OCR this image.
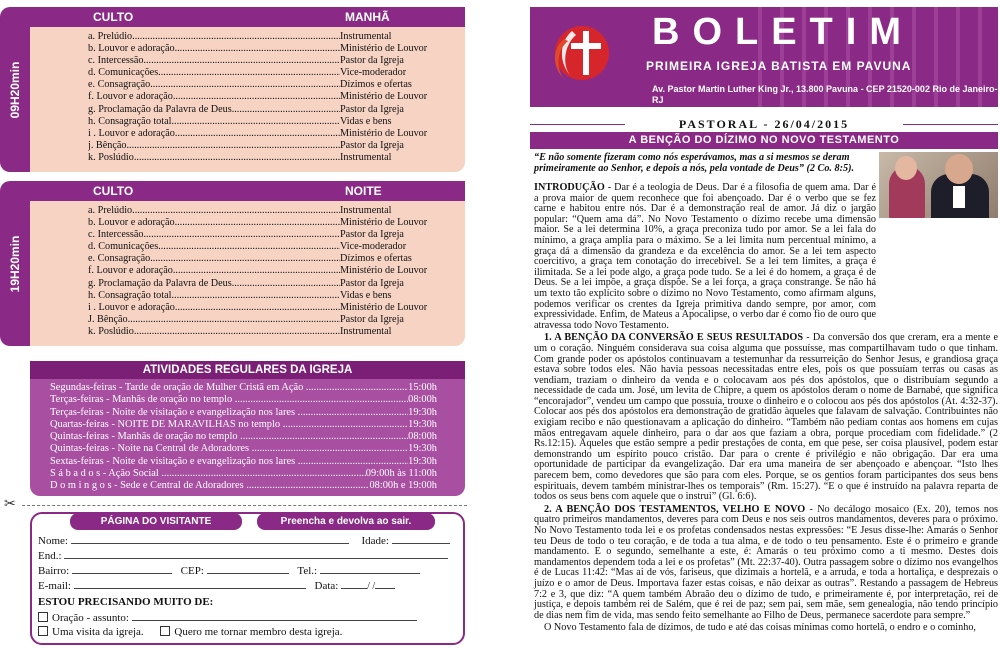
09H20min
CULTO	MANHÃ
a. Prelúdio .....	Instrumental
b. Louvor e adoração .....	Ministério de Louvor
c. Intercessão .....	Pastor da Igreja
d. Comunicações .....	Vice-moderador
e. Consagração .....	Dízimos e ofertas
f. Louvor e adoração .....	Ministério de Louvor
g. Proclamação da Palavra de Deus .....	Pastor da Igreja
h. Consagração total .....	Vidas e bens
i . Louvor e adoração .....	Ministério de Louvor
j. Bênção .....	Pastor da Igreja
k. Poslúdio .....	Instrumental
19H20min
CULTO	NOITE
a. Prelúdio .....	Instrumental
b. Louvor e adoração .....	Ministério de Louvor
c. Intercessão .....	Pastor da Igreja
d. Comunicações .....	Vice-moderador
e. Consagração .....	Dízimos e ofertas
f. Louvor e adoração .....	Ministério de Louvor
g. Proclamação da Palavra de Deus .....	Pastor da Igreja
h. Consagração total .....	Vidas e bens
i . Louvor e adoração .....	Ministério de Louvor
J. Bênção .....	Pastor da Igreja
k. Poslúdio .....	Instrumental
ATIVIDADES REGULARES DA IGREJA
Segundas-feiras - Tarde de oração de Mulher Cristã em Ação .....	15:00h
Terças-feiras - Manhãs de oração no templo .....	08:00h
Terças-feiras - Noite de visitação e evangelização nos lares .....	19:30h
Quartas-feiras - NOITE DE MARAVILHAS no templo .....	19:30h
Quintas-feiras - Manhãs de oração no templo .....	08:00h
Quintas-feiras - Noite na Central de Adoradores .....	19:30h
Sextas-feiras - Noite de visitação e evangelização nos lares .....	19:30h
S á b a d o s - Ação Social .....	09:00h às 11:00h
D o m i n g o s - Sede e Central de Adoradores .....	08:00h e 19:00h
✂
PÁGINA DO VISITANTE	Preencha e devolva ao sair.
Nome:	Idade:
End.:
Bairro:	CEP:	Tel.:
E-mail:	Data:	/ /
ESTOU PRECISANDO MUITO DE:
Oração - assunto:
Uma visita da igreja.	Quero me tornar membro desta igreja.
BOLETIM
PRIMEIRA IGREJA BATISTA EM PAVUNA
Av. Pastor Martin Luther King Jr., 13.800 Pavuna - CEP 21520-002 Rio de Janeiro-RJ
PASTORAL - 26/04/2015
A BENÇÃO DO DÍZIMO NO NOVO TESTAMENTO
“E não somente fizeram como nós esperávamos, mas a si mesmos se deram primeiramente ao Senhor, e depois a nós, pela vontade de Deus” (2 Co. 8:5).

INTRODUÇÃO - Dar é a teologia de Deus. Dar é a filosofia de quem ama. Dar é a prova maior de quem reconhece que foi abençoado. Dar é o verbo que se fez carne e habitou entre nós. Dar é a demonstração real de amor. Já diz o jargão popular: “Quem ama dá”. No Novo Testamento o dízimo recebe uma dimensão maior. Se a lei determina 10%, a graça preconiza tudo por amor. Se a lei fala do mínimo, a graça amplia para o máximo. Se a lei limita num percentual mínimo, a graça dá a dimensão da grandeza e da excelência do amor. Se a lei tem aspecto coercitivo, a graça tem conotação do irrecebível. Se a lei tem limites, a graça é ilimitada. Se a lei pode algo, a graça pode tudo. Se a lei é do homem, a graça é de Deus. Se a lei impõe, a graça dispõe. Se a lei força, a graça constrange. Se não há um texto tão explícito sobre o dízimo no Novo Testamento, como afirmam alguns, podemos verificar os crentes da Igreja primitiva dando sempre, por amor, com expressividade. Enfim, de Mateus a Apocalipse, o verbo dar é como fio de ouro que atravessa todo Novo Testamento.

1. A BENÇÃO DA CONVERSÃO E SEUS RESULTADOS - Da conversão dos que creram, era a mente e um o coração. Ninguém considerava sua coisa alguma que possuísse, mas compartilhavam tudo o que tinham. Com grande poder os apóstolos continuavam a testemunhar da ressurreição do Senhor Jesus, e grandiosa graça estava sobre todos eles. Não havia pessoas necessitadas entre eles, pois os que possuíam terras ou casas as vendiam, traziam o dinheiro da venda e o colocavam aos pés dos apóstolos, que o distribuíam segundo a necessidade de cada um. José, um levita de Chipre, a quem os apóstolos deram o nome de Barnabé, que significa “encorajador”, vendeu um campo que possuía, trouxe o dinheiro e o colocou aos pés dos apóstolos (At. 4:32-37). Colocar aos pés dos apóstolos era demonstração de gratidão àqueles que falavam de salvação. Contribuintes não exigiam recibo e não questionavam a aplicação do dinheiro. “Também não pediam contas aos homens em cujas mãos entregavam aquele dinheiro, para o dar aos que faziam a obra, porque procediam com fidelidade.” (2 Rs.12:15). Aqueles que estão sempre a pedir prestações de conta, em que pese, ser coisa plausível, podem estar demonstrando um espírito pouco cristão. Dar para o crente é privilégio e não obrigação. Dar era uma oportunidade de participar da evangelização. Dar era uma maneira de ser abençoado e abençoar. “Isto lhes parecem bem, como devedores que são para com eles. Porque, se os gentios foram participantes dos seus bens espirituais, devem também ministrar-lhes os temporais” (Rm. 15:27). “E o que é instruído na palavra reparta de todos os seus bens com aquele que o instrui” (Gl. 6:6).

2. A BENÇÃO DOS TESTAMENTOS, VELHO E NOVO - No decálogo mosaico (Ex. 20), temos nos quatro primeiros mandamentos, deveres para com Deus e nos seis outros mandamentos, deveres para o próximo. No Novo Testamento toda lei e os profetas condensados nestas expressões: “E Jesus disse-lhe: Amarás o Senhor teu Deus de todo o teu coração, e de toda a tua alma, e de todo o teu pensamento. Este é o primeiro e grande mandamento. E o segundo, semelhante a este, é: Amarás o teu próximo como a ti mesmo. Destes dois mandamentos dependem toda a lei e os profetas” (Mt. 22:37-40). Outra passagem sobre o dízimo nos evangelhos é de Lucas 11:42: “Mas ai de vós, fariseus, que dizimais a hortelã, e a arruda, e toda a hortaliça, e desprezais o juízo e o amor de Deus. Importava fazer estas coisas, e não deixar as outras”. Restando a passagem de Hebreus 7:2 e 3, que diz: “A quem também Abraão deu o dízimo de tudo, e primeiramente é, por interpretação, rei de justiça, e depois também rei de Salém, que é rei de paz; sem pai, sem mãe, sem genealogia, não tendo princípio de dias nem fim de vida, mas sendo feito semelhante ao Filho de Deus, permanece sacerdote para sempre.”

O Novo Testamento fala de dízimos, de tudo e até das coisas mínimas como hortelã, o endro e o cominho,
